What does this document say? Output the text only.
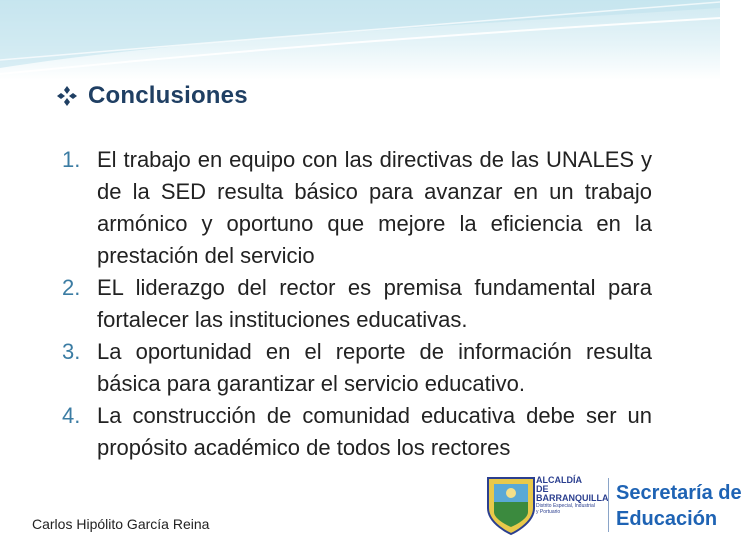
Conclusiones
1. El trabajo en equipo con las directivas de las UNALES y de la SED resulta básico para avanzar en un trabajo armónico y oportuno que mejore la eficiencia en la prestación del servicio
2. EL liderazgo del rector es premisa fundamental para fortalecer las instituciones educativas.
3. La oportunidad en el reporte de información resulta básica para garantizar el servicio educativo.
4. La construcción de comunidad educativa debe ser un propósito académico de todos los rectores
Carlos Hipólito García Reina
ALCALDÍA DE
BARRANQUILLA
Distrito Especial, Industrial y Portuario
Secretaría de
Educación
